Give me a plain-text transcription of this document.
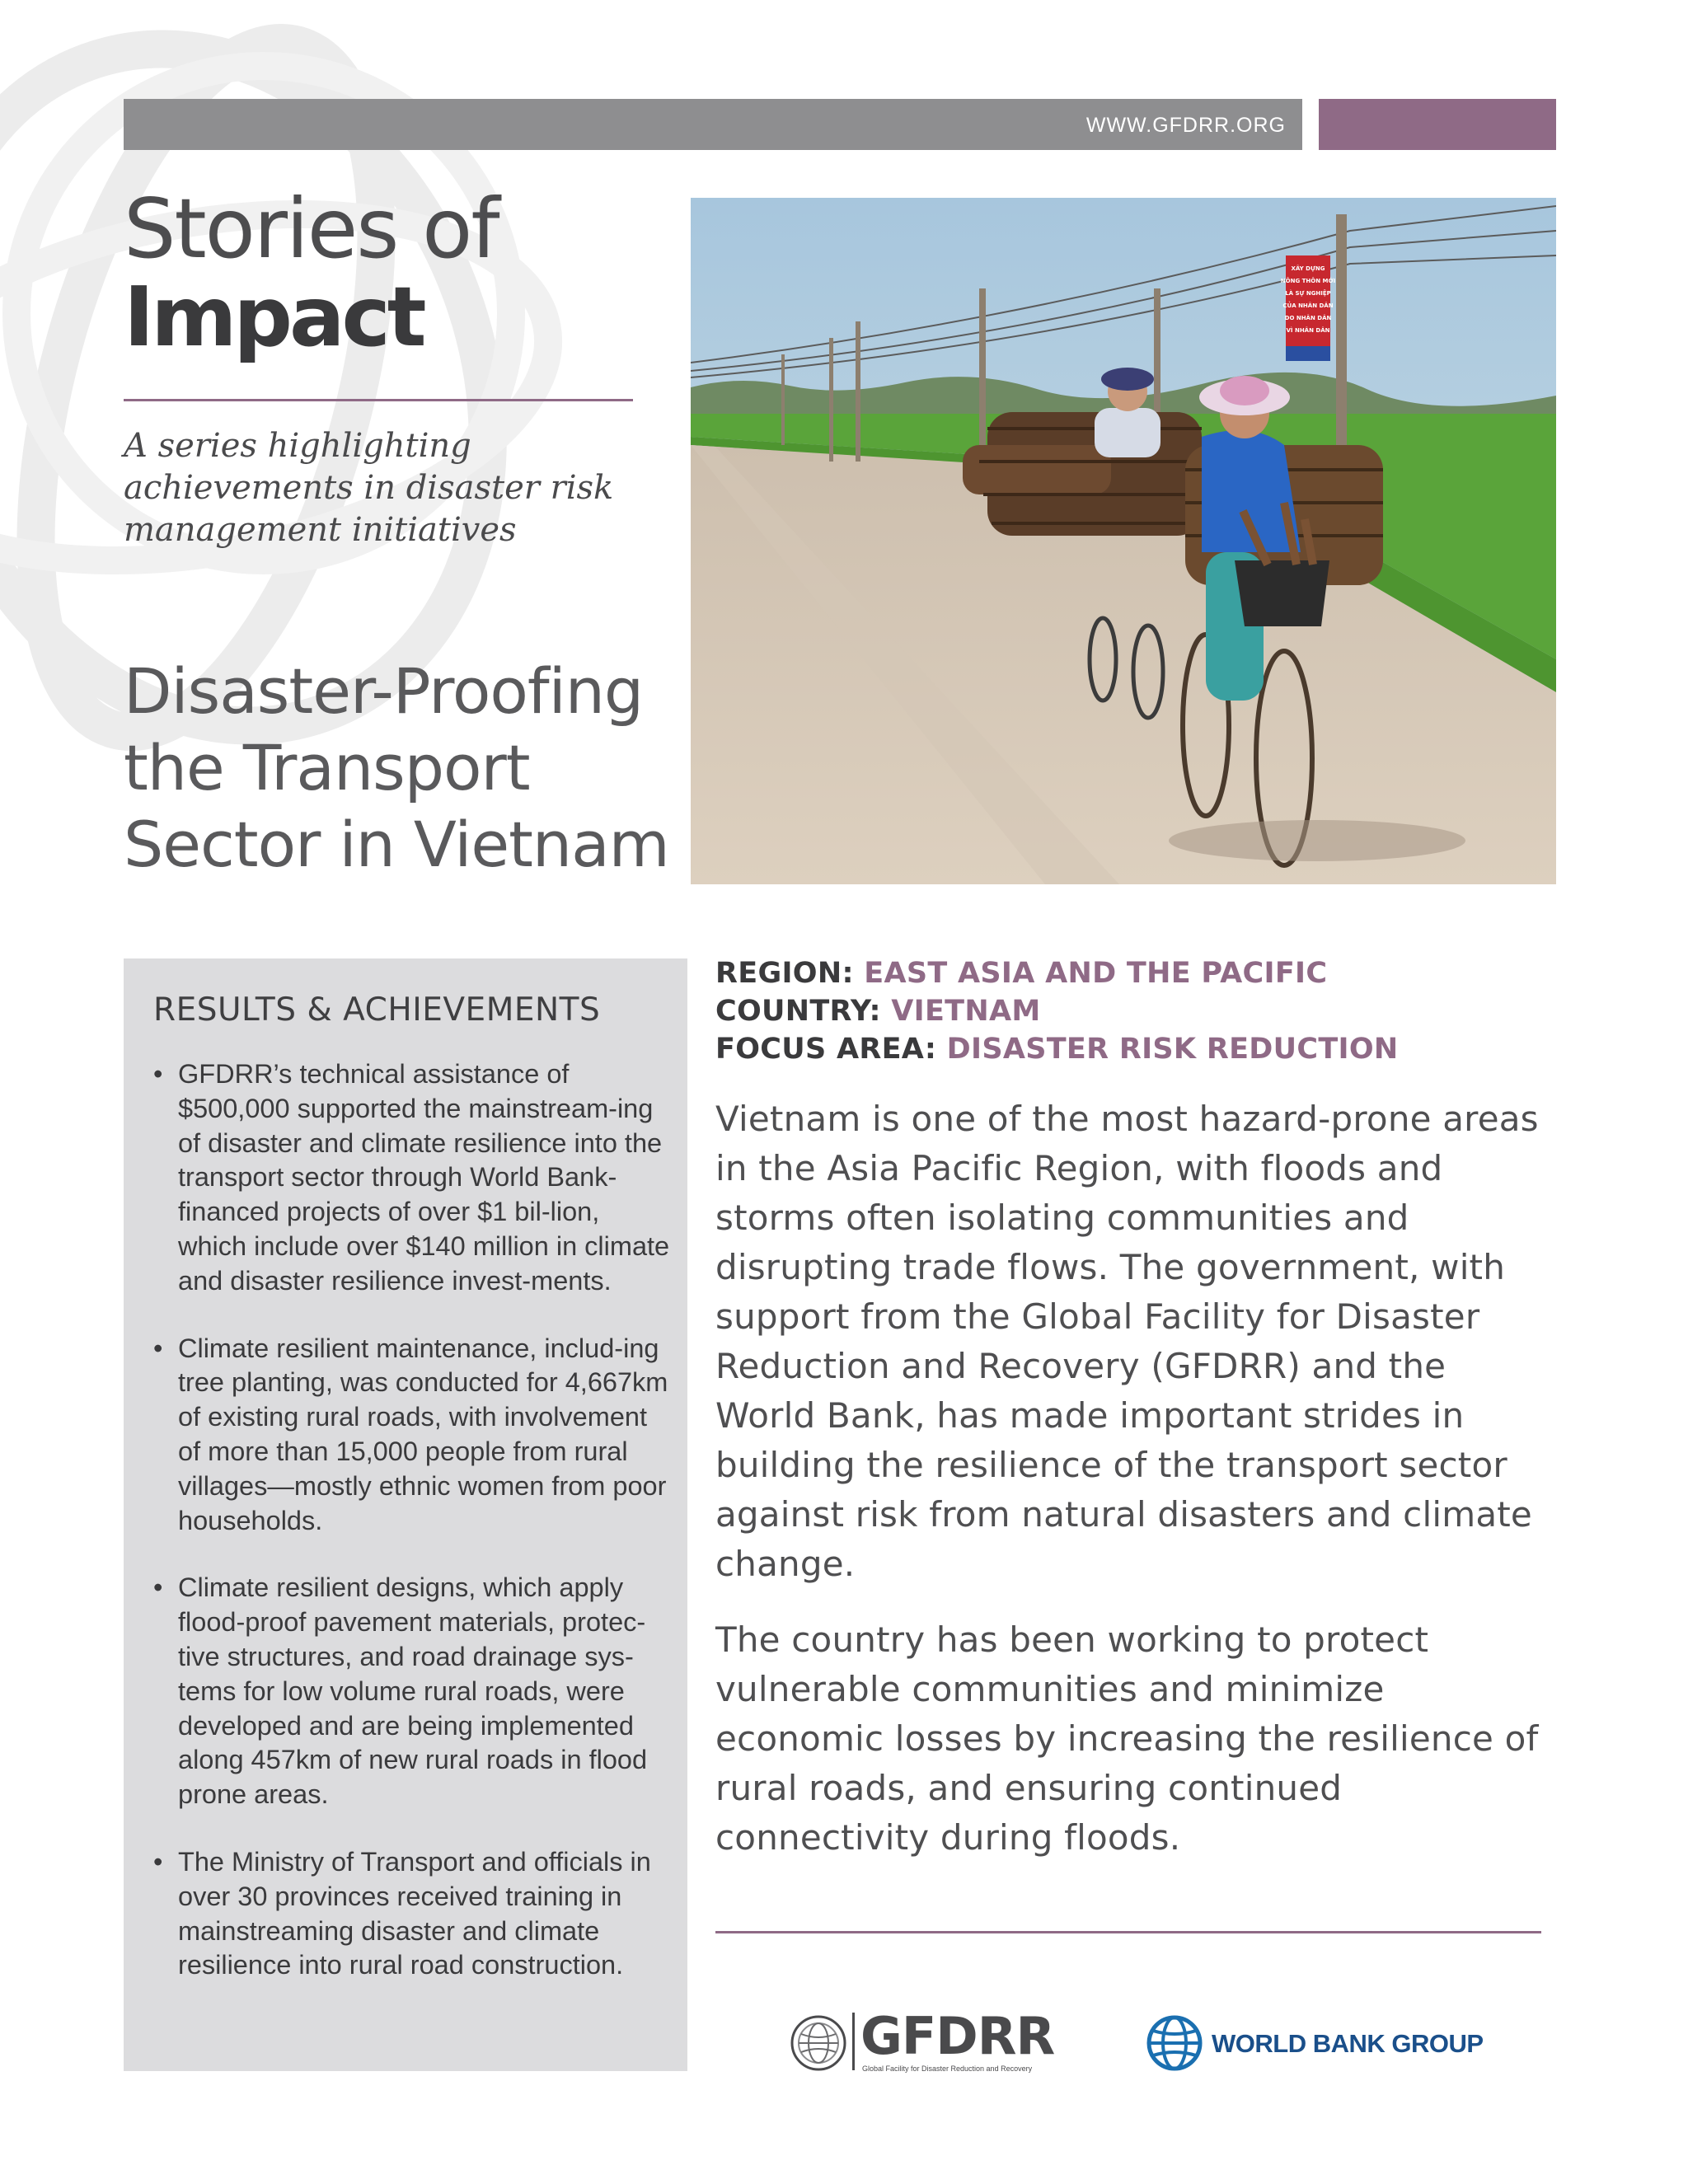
WWW.GFDRR.ORG
Stories of
Impact
A series highlighting achievements in disaster risk management initiatives
Disaster-Proofing
the Transport
Sector in Vietnam
XÂY DỰNG
NÔNG THÔN MỚI
LÀ SỰ NGHIỆP
CỦA NHÂN DÂN
DO NHÂN DÂN
VÌ NHÂN DÂN
RESULTS & ACHIEVEMENTS
• GFDRR’s technical assistance of $500,000 supported the mainstream-ing of disaster and climate resilience into the transport sector through World Bank-financed projects of over $1 bil-lion, which include over $140 million in climate and disaster resilience invest-ments.
• Climate resilient maintenance, includ-ing tree planting, was conducted for 4,667km of existing rural roads, with involvement of more than 15,000 people from rural villages—mostly ethnic women from poor households.
• Climate resilient designs, which apply flood-proof pavement materials, protec-tive structures, and road drainage sys-tems for low volume rural roads, were developed and are being implemented along 457km of new rural roads in flood prone areas.
• The Ministry of Transport and officials in over 30 provinces received training in mainstreaming disaster and climate resilience into rural road construction.
REGION: EAST ASIA AND THE PACIFIC
COUNTRY: VIETNAM
FOCUS AREA: DISASTER RISK REDUCTION

Vietnam is one of the most hazard-prone areas in the Asia Pacific Region, with floods and storms often isolating communities and disrupting trade flows. The government, with support from the Global Facility for Disaster Reduction and Recovery (GFDRR) and the World Bank, has made important strides in building the resilience of the transport sector against risk from natural disasters and climate change.

The country has been working to protect vulnerable communities and minimize economic losses by increasing the resilience of rural roads, and ensuring continued connectivity during floods.

GFDRR
Global Facility for Disaster Reduction and Recovery
WORLD BANK GROUP
